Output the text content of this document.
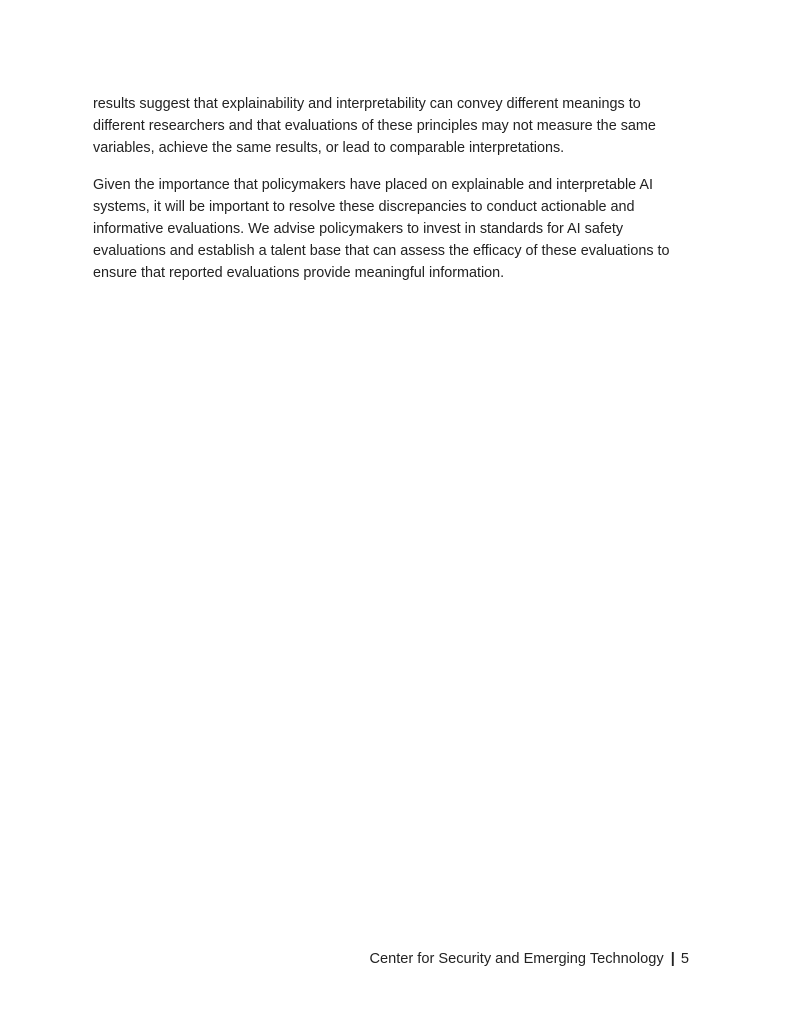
results suggest that explainability and interpretability can convey different meanings to different researchers and that evaluations of these principles may not measure the same variables, achieve the same results, or lead to comparable interpretations.

Given the importance that policymakers have placed on explainable and interpretable AI systems, it will be important to resolve these discrepancies to conduct actionable and informative evaluations. We advise policymakers to invest in standards for AI safety evaluations and establish a talent base that can assess the efficacy of these evaluations to ensure that reported evaluations provide meaningful information.

Center for Security and Emerging Technology | 5
